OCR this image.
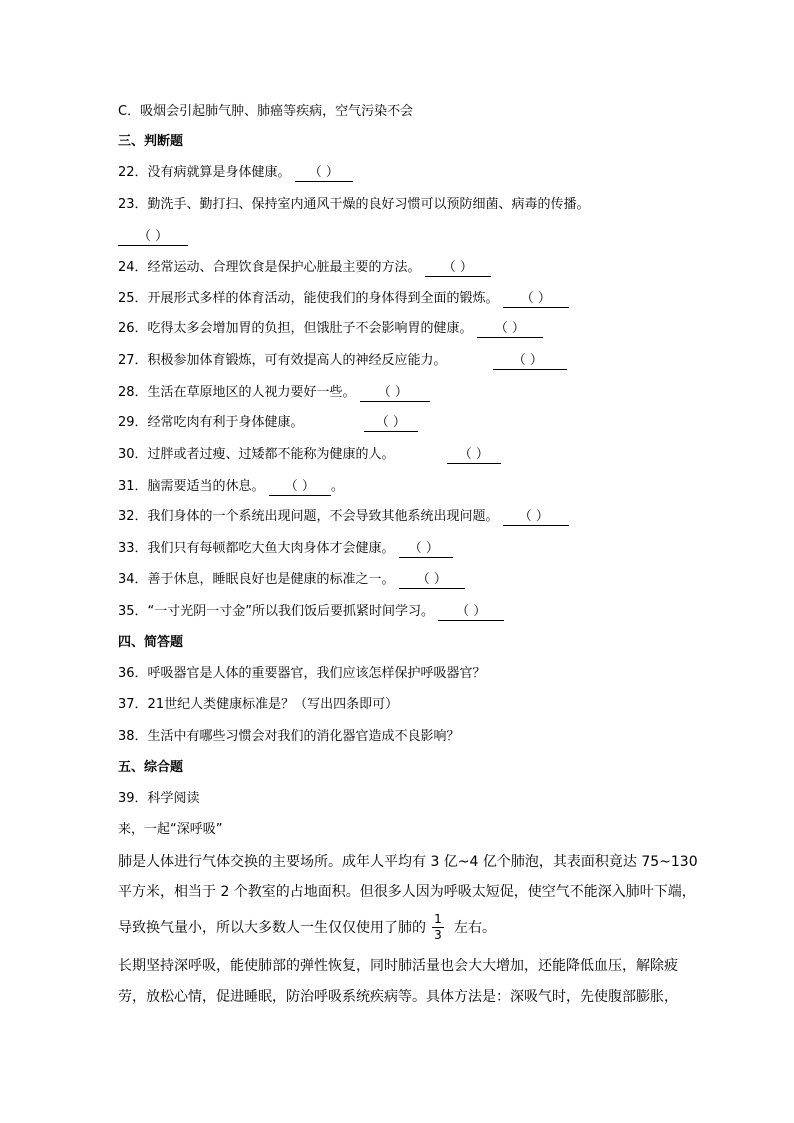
C．吸烟会引起肺气肿、肺癌等疾病，空气污染不会
三、判断题
22．没有病就算是身体健康。 （ ）
23．勤洗手、勤打扫、保持室内通风干燥的良好习惯可以预防细菌、病毒的传播。
（ ）
24．经常运动、合理饮食是保护心脏最主要的方法。 （ ）
25．开展形式多样的体育活动，能使我们的身体得到全面的锻炼。 （ ）
26．吃得太多会增加胃的负担，但饿肚子不会影响胃的健康。 （ ）
27．积极参加体育锻炼，可有效提高人的神经反应能力。	（ ）
28．生活在草原地区的人视力要好一些。 （ ）
29．经常吃肉有利于身体健康。	（ ）
30．过胖或者过瘦、过矮都不能称为健康的人。	（ ）
31．脑需要适当的休息。 （ ） 。
32．我们身体的一个系统出现问题，不会导致其他系统出现问题。 （ ）
33．我们只有每顿都吃大鱼大肉身体才会健康。 （ ）
34．善于休息，睡眠良好也是健康的标准之一。 （ ）
35．“一寸光阴一寸金”所以我们饭后要抓紧时间学习。 （ ）
四、简答题
36．呼吸器官是人体的重要器官，我们应该怎样保护呼吸器官？
37．21世纪人类健康标准是？（写出四条即可）
38．生活中有哪些习惯会对我们的消化器官造成不良影响？
五、综合题
39．科学阅读
来，一起“深呼吸”
肺是人体进行气体交换的主要场所。成年人平均有 3 亿~4 亿个肺泡，其表面积竟达 75~130
平方米，相当于 2 个教室的占地面积。但很多人因为呼吸太短促，使空气不能深入肺叶下端，
导致换气量小，所以大多数人一生仅仅使用了肺的
1
3 左右。
长期坚持深呼吸，能使肺部的弹性恢复，同时肺活量也会大大增加，还能降低血压，解除疲
劳，放松心情，促进睡眠，防治呼吸系统疾病等。具体方法是：深吸气时，先使腹部膨胀，
